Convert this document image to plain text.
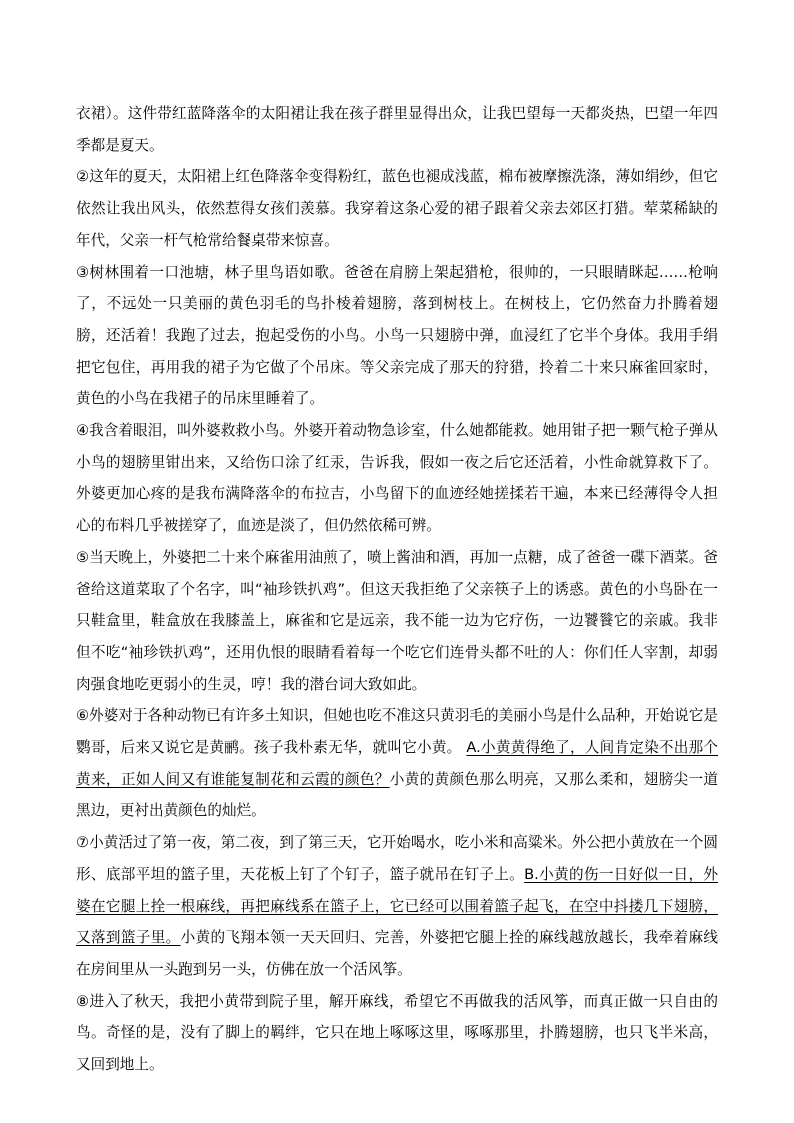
衣裙）。这件带红蓝降落伞的太阳裙让我在孩子群里显得出众，让我巴望每一天都炎热，巴望一年四季都是夏天。

②这年的夏天，太阳裙上红色降落伞变得粉红，蓝色也褪成浅蓝，棉布被摩擦洗涤，薄如绢纱，但它依然让我出风头，依然惹得女孩们羡慕。我穿着这条心爱的裙子跟着父亲去郊区打猎。荤菜稀缺的年代，父亲一杆气枪常给餐桌带来惊喜。

③树林围着一口池塘，林子里鸟语如歌。爸爸在肩膀上架起猎枪，很帅的，一只眼睛眯起……枪响了，不远处一只美丽的黄色羽毛的鸟扑棱着翅膀，落到树枝上。在树枝上，它仍然奋力扑腾着翅膀，还活着！我跑了过去，抱起受伤的小鸟。小鸟一只翅膀中弹，血浸红了它半个身体。我用手绢把它包住，再用我的裙子为它做了个吊床。等父亲完成了那天的狩猎，拎着二十来只麻雀回家时，黄色的小鸟在我裙子的吊床里睡着了。

④我含着眼泪，叫外婆救救小鸟。外婆开着动物急诊室，什么她都能救。她用钳子把一颗气枪子弹从小鸟的翅膀里钳出来，又给伤口涂了红汞，告诉我，假如一夜之后它还活着，小性命就算救下了。外婆更加心疼的是我布满降落伞的布拉吉，小鸟留下的血迹经她搓揉若干遍，本来已经薄得令人担心的布料几乎被搓穿了，血迹是淡了，但仍然依稀可辨。

⑤当天晚上，外婆把二十来个麻雀用油煎了，喷上酱油和酒，再加一点糖，成了爸爸一碟下酒菜。爸爸给这道菜取了个名字，叫“袖珍铁扒鸡”。但这天我拒绝了父亲筷子上的诱惑。黄色的小鸟卧在一只鞋盒里，鞋盒放在我膝盖上，麻雀和它是远亲，我不能一边为它疗伤，一边饕餮它的亲戚。我非但不吃“袖珍铁扒鸡”，还用仇恨的眼睛看着每一个吃它们连骨头都不吐的人：你们任人宰割，却弱肉强食地吃更弱小的生灵，哼！我的潜台词大致如此。

⑥外婆对于各种动物已有许多土知识，但她也吃不准这只黄羽毛的美丽小鸟是什么品种，开始说它是鹦哥，后来又说它是黄鹂。孩子我朴素无华，就叫它小黄。 A.小黄黄得绝了，人间肯定染不出那个黄来，正如人间又有谁能复制花和云霞的颜色？小黄的黄颜色那么明亮，又那么柔和，翅膀尖一道黑边，更衬出黄颜色的灿烂。

⑦小黄活过了第一夜，第二夜，到了第三天，它开始喝水，吃小米和高粱米。外公把小黄放在一个圆形、底部平坦的篮子里，天花板上钉了个钉子，篮子就吊在钉子上。B.小黄的伤一日好似一日，外婆在它腿上拴一根麻线，再把麻线系在篮子上，它已经可以围着篮子起飞，在空中抖搂几下翅膀，又落到篮子里。小黄的飞翔本领一天天回归、完善，外婆把它腿上拴的麻线越放越长，我牵着麻线在房间里从一头跑到另一头，仿佛在放一个活风筝。

⑧进入了秋天，我把小黄带到院子里，解开麻线，希望它不再做我的活风筝，而真正做一只自由的鸟。奇怪的是，没有了脚上的羁绊，它只在地上啄啄这里，啄啄那里，扑腾翅膀，也只飞半米高，又回到地上。
